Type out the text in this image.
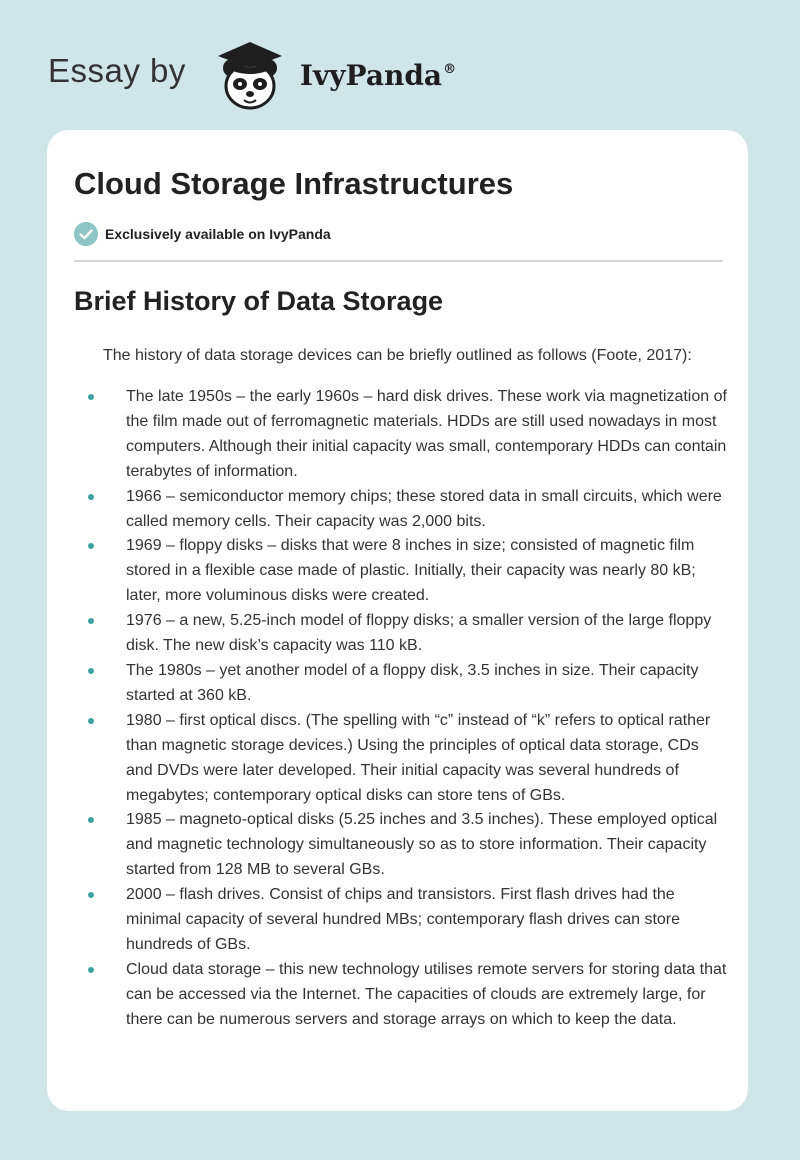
Essay by	IvyPanda®
Cloud Storage Infrastructures
Exclusively available on IvyPanda
Brief History of Data Storage

The history of data storage devices can be briefly outlined as follows (Foote, 2017):

The late 1950s – the early 1960s – hard disk drives. These work via magnetization of the film made out of ferromagnetic materials. HDDs are still used nowadays in most computers. Although their initial capacity was small, contemporary HDDs can contain terabytes of information.
1966 – semiconductor memory chips; these stored data in small circuits, which were called memory cells. Their capacity was 2,000 bits.
1969 – floppy disks – disks that were 8 inches in size; consisted of magnetic film stored in a flexible case made of plastic. Initially, their capacity was nearly 80 kB; later, more voluminous disks were created.
1976 – a new, 5.25-inch model of floppy disks; a smaller version of the large floppy disk. The new disk’s capacity was 110 kB.
The 1980s – yet another model of a floppy disk, 3.5 inches in size. Their capacity started at 360 kB.
1980 – first optical discs. (The spelling with “c” instead of “k” refers to optical rather than magnetic storage devices.) Using the principles of optical data storage, CDs and DVDs were later developed. Their initial capacity was several hundreds of megabytes; contemporary optical disks can store tens of GBs.
1985 – magneto-optical disks (5.25 inches and 3.5 inches). These employed optical and magnetic technology simultaneously so as to store information. Their capacity started from 128 MB to several GBs.
2000 – flash drives. Consist of chips and transistors. First flash drives had the minimal capacity of several hundred MBs; contemporary flash drives can store hundreds of GBs.
Cloud data storage – this new technology utilises remote servers for storing data that can be accessed via the Internet. The capacities of clouds are extremely large, for there can be numerous servers and storage arrays on which to keep the data.
